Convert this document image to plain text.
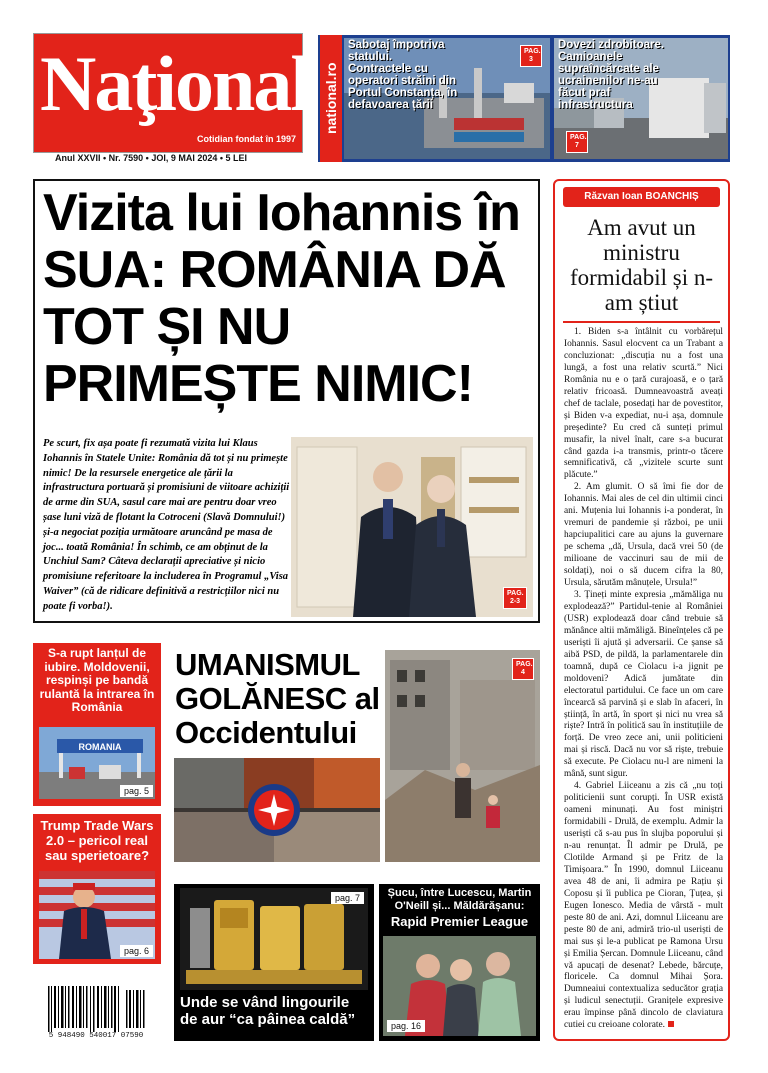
Naţional
Cotidian fondat în 1997
Anul XXVII • Nr. 7590 • JOI, 9 MAI 2024 • 5 LEI
national.ro
Sabotaj împotriva statului. Contractele cu operatori străini din Portul Constanța, în defavoarea țării
PAG. 3
Dovezi zdrobitoare. Camioanele supraîncărcate ale ucrainenilor ne-au făcut praf infrastructura
PAG. 7
Vizita lui Iohannis în SUA: ROMÂNIA DĂ TOT ȘI NU PRIMEȘTE NIMIC!
Pe scurt, fix așa poate fi rezumată vizita lui Klaus Iohannis în Statele Unite: România dă tot și nu primește nimic! De la resursele energetice ale țării la infrastructura portuară și promisiuni de viitoare achiziții de arme din SUA, sasul care mai are pentru doar vreo șase luni viză de flotant la Cotroceni (Slavă Domnului!) și-a negociat poziția următoare aruncând pe masa de joc... toată România! În schimb, ce am obținut de la Unchiul Sam? Câteva declarații apreciative și nicio promisiune referitoare la includerea în Programul „Visa Waiver” (că de ridicare definitivă a restricțiilor nici nu poate fi vorba!).
PAG. 2-3
Răzvan Ioan BOANCHIȘ
Am avut un ministru formidabil și n-am știut

1. Biden s-a întâlnit cu vorbărețul Iohannis. Sasul elocvent ca un Trabant a concluzionat: „discuția nu a fost una lungă, a fost una relativ scurtă.” Nici România nu e o țară curajoasă, e o țară relativ fricoasă. Dumneavoastră aveați chef de taclale, posedați har de povestitor, și Biden v-a expediat, nu-i așa, domnule președinte? Eu cred că sunteți primul musafir, la nivel înalt, care s-a bucurat când gazda i-a transmis, printr-o tăcere semnificativă, că „vizitele scurte sunt plăcute.”

2. Am glumit. O să îmi fie dor de Iohannis. Mai ales de cel din ultimii cinci ani. Muțenia lui Iohannis i-a ponderat, în vremuri de pandemie și război, pe unii hapciupalitici care au ajuns la guvernare pe schema „dă, Ursula, dacă vrei 50 (de milioane de vaccinuri sau de mii de soldați), noi o să ducem cifra la 80, Ursula, sărutăm mânuțele, Ursula!”

3. Țineți minte expresia „mămăliga nu explodează?” Partidul-tenie al României (USR) explodează doar când trebuie să mănânce altii mămăligă. Bineînțeles că pe useriști îi ajută și adversarii. Ce șanse să aibă PSD, de pildă, la parlamentarele din toamnă, după ce Ciolacu i-a jignit pe moldoveni? Adică jumătate din electoratul partidului. Ce face un om care încearcă să parvină și e slab în afaceri, în știință, în artă, în sport și nici nu vrea să riște? Intră în politică sau în instituțiile de forță. De vreo zece ani, unii politicieni mai și riscă. Dacă nu vor să riște, trebuie să execute. Pe Ciolacu nu-l are nimeni la mână, sunt sigur.

4. Gabriel Liiceanu a zis că „nu toți politicienii sunt corupți. În USR există oameni minunați. Au fost miniștri formidabili - Drulă, de exemplu. Admir la useriști că s-au pus în slujba poporului și n-au renunțat. Îl admir pe Drulă, pe Clotilde Armand și pe Fritz de la Timișoara.” În 1990, domnul Liiceanu avea 48 de ani, îi admira pe Rațiu și Coposu și îi publica pe Cioran, Țuțea, și Eugen Ionesco. Media de vârstă - mult peste 80 de ani. Azi, domnul Liiceanu are peste 80 de ani, admiră trio-ul useriști de mai sus și le-a publicat pe Ramona Ursu și Emilia Șercan. Domnule Liiceanu, când vă apucați de desenat? Lebede, bărcuțe, floricele. Ca domnul Mihai Șora. Dumneaiui contextualiza seducător grația și ludicul senectuții. Granițele expresive erau împinse până dincolo de claviatura cutiei cu creioane colorate.

S-a rupt lanțul de iubire. Moldovenii, respinși pe bandă rulantă la intrarea în România
ROMANIA
pag. 5
Trump Trade Wars 2.0 – pericol real sau sperietoare?
pag. 6
UMANISMUL GOLĂNESC al Occidentului
PAG. 4
pag. 7
Unde se vând lingourile de aur “ca pâinea caldă”
Șucu, între Lucescu, Martin O'Neill și... Măldărășanu:
Rapid Premier League
pag. 16
5 948490 540017 07590
